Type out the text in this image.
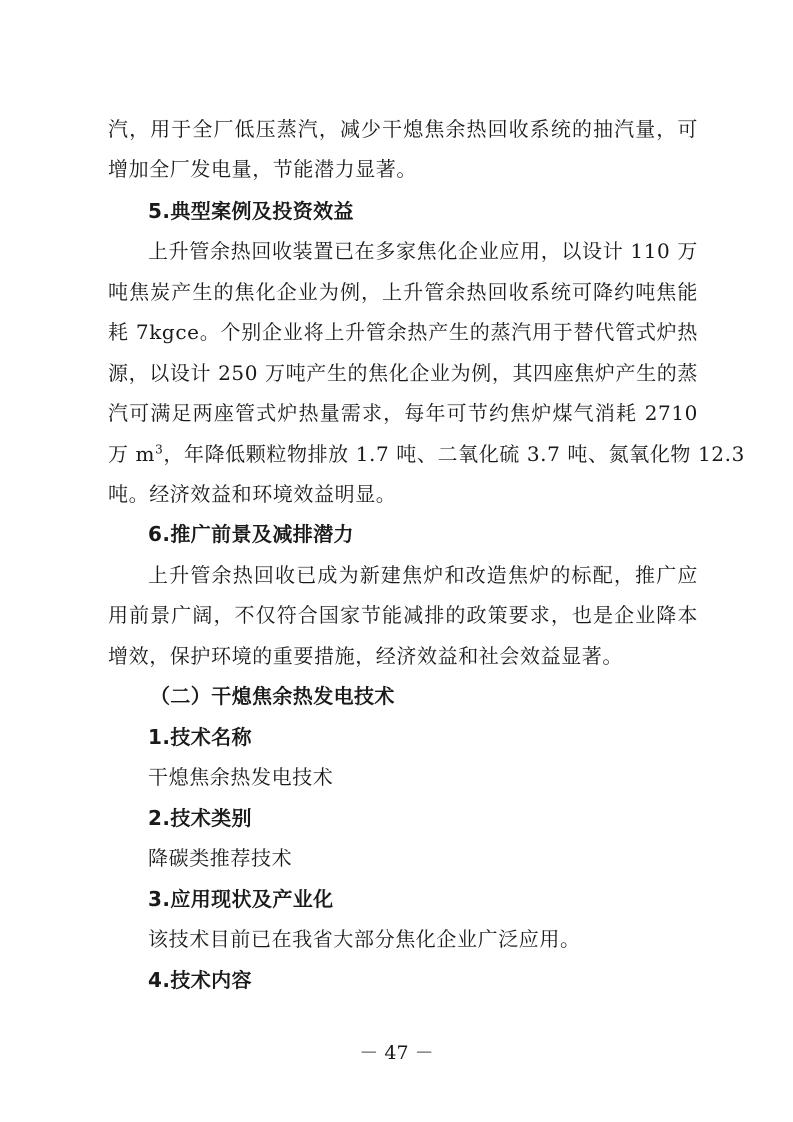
汽，用于全厂低压蒸汽，减少干熄焦余热回收系统的抽汽量，可
增加全厂发电量，节能潜力显著。
5.典型案例及投资效益
上升管余热回收装置已在多家焦化企业应用，以设计 110 万
吨焦炭产生的焦化企业为例，上升管余热回收系统可降约吨焦能
耗 7kgce。个别企业将上升管余热产生的蒸汽用于替代管式炉热
源，以设计 250 万吨产生的焦化企业为例，其四座焦炉产生的蒸
汽可满足两座管式炉热量需求，每年可节约焦炉煤气消耗 2710
万 $m^3$，年降低颗粒物排放 1.7 吨、二氧化硫 3.7 吨、氮氧化物 12.3
吨。经济效益和环境效益明显。
6.推广前景及减排潜力
上升管余热回收已成为新建焦炉和改造焦炉的标配，推广应
用前景广阔，不仅符合国家节能减排的政策要求，也是企业降本
增效，保护环境的重要措施，经济效益和社会效益显著。
（二）干熄焦余热发电技术
1.技术名称
干熄焦余热发电技术
2.技术类别
降碳类推荐技术
3.应用现状及产业化
该技术目前已在我省大部分焦化企业广泛应用。
4.技术内容
－ 47 －
